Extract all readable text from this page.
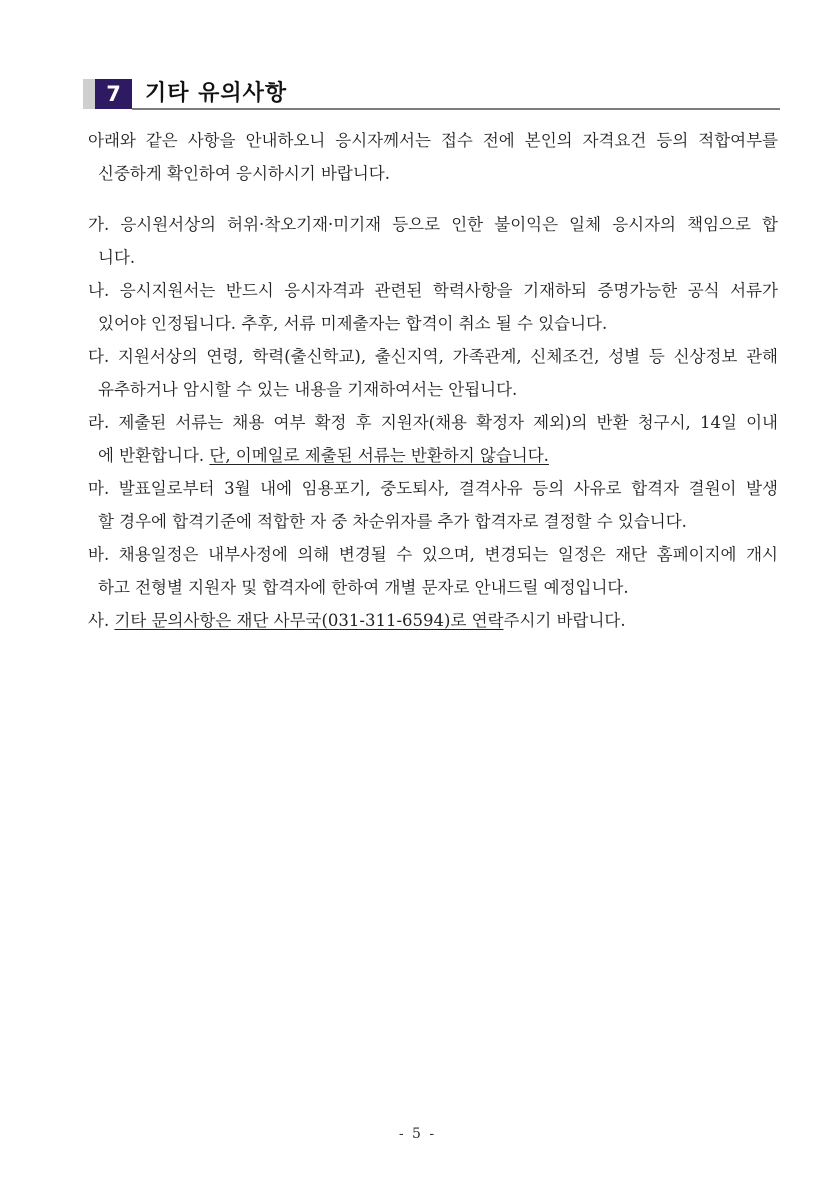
7	기타 유의사항

아래와 같은 사항을 안내하오니 응시자께서는 접수 전에 본인의 자격요건 등의 적합여부를

신중하게 확인하여 응시하시기 바랍니다.

가. 응시원서상의 허위·착오기재·미기재 등으로 인한 불이익은 일체 응시자의 책임으로 합

니다.

나. 응시지원서는 반드시 응시자격과 관련된 학력사항을 기재하되 증명가능한 공식 서류가

있어야 인정됩니다. 추후, 서류 미제출자는 합격이 취소 될 수 있습니다.

다. 지원서상의 연령, 학력(출신학교), 출신지역, 가족관계, 신체조건, 성별 등 신상정보 관해

유추하거나 암시할 수 있는 내용을 기재하여서는 안됩니다.

라. 제출된 서류는 채용 여부 확정 후 지원자(채용 확정자 제외)의 반환 청구시, 14일 이내

에 반환합니다. 단, 이메일로 제출된 서류는 반환하지 않습니다.

마. 발표일로부터 3월 내에 임용포기, 중도퇴사, 결격사유 등의 사유로 합격자 결원이 발생

할 경우에 합격기준에 적합한 자 중 차순위자를 추가 합격자로 결정할 수 있습니다.

바. 채용일정은 내부사정에 의해 변경될 수 있으며, 변경되는 일정은 재단 홈페이지에 개시

하고 전형별 지원자 및 합격자에 한하여 개별 문자로 안내드릴 예정입니다.

사. 기타 문의사항은 재단 사무국(031-311-6594)로 연락주시기 바랍니다.

- 5 -
